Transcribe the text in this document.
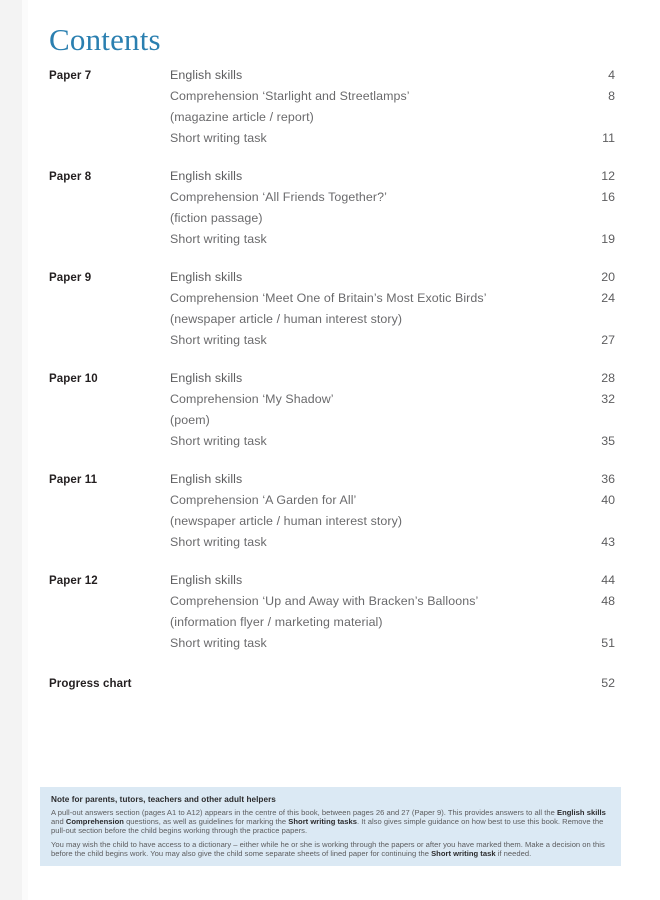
Contents
Paper 7	English skills	4
Comprehension ‘Starlight and Streetlamps’	8
(magazine article / report)
Short writing task	11
Paper 8	English skills	12
Comprehension ‘All Friends Together?’	16
(fiction passage)
Short writing task	19
Paper 9	English skills	20
Comprehension ‘Meet One of Britain’s Most Exotic Birds’	24
(newspaper article / human interest story)
Short writing task	27
Paper 10	English skills	28
Comprehension ‘My Shadow’	32
(poem)
Short writing task	35
Paper 11	English skills	36
Comprehension ‘A Garden for All’	40
(newspaper article / human interest story)
Short writing task	43
Paper 12	English skills	44
Comprehension ‘Up and Away with Bracken’s Balloons’	48
(information flyer / marketing material)
Short writing task	51
Progress chart	52
Note for parents, tutors, teachers and other adult helpers

A pull-out answers section (pages A1 to A12) appears in the centre of this book, between pages 26 and 27 (Paper 9). This provides answers to all the English skills and Comprehension questions, as well as guidelines for marking the Short writing tasks. It also gives simple guidance on how best to use this book. Remove the pull-out section before the child begins working through the practice papers.

You may wish the child to have access to a dictionary – either while he or she is working through the papers or after you have marked them. Make a decision on this before the child begins work. You may also give the child some separate sheets of lined paper for continuing the Short writing task if needed.
